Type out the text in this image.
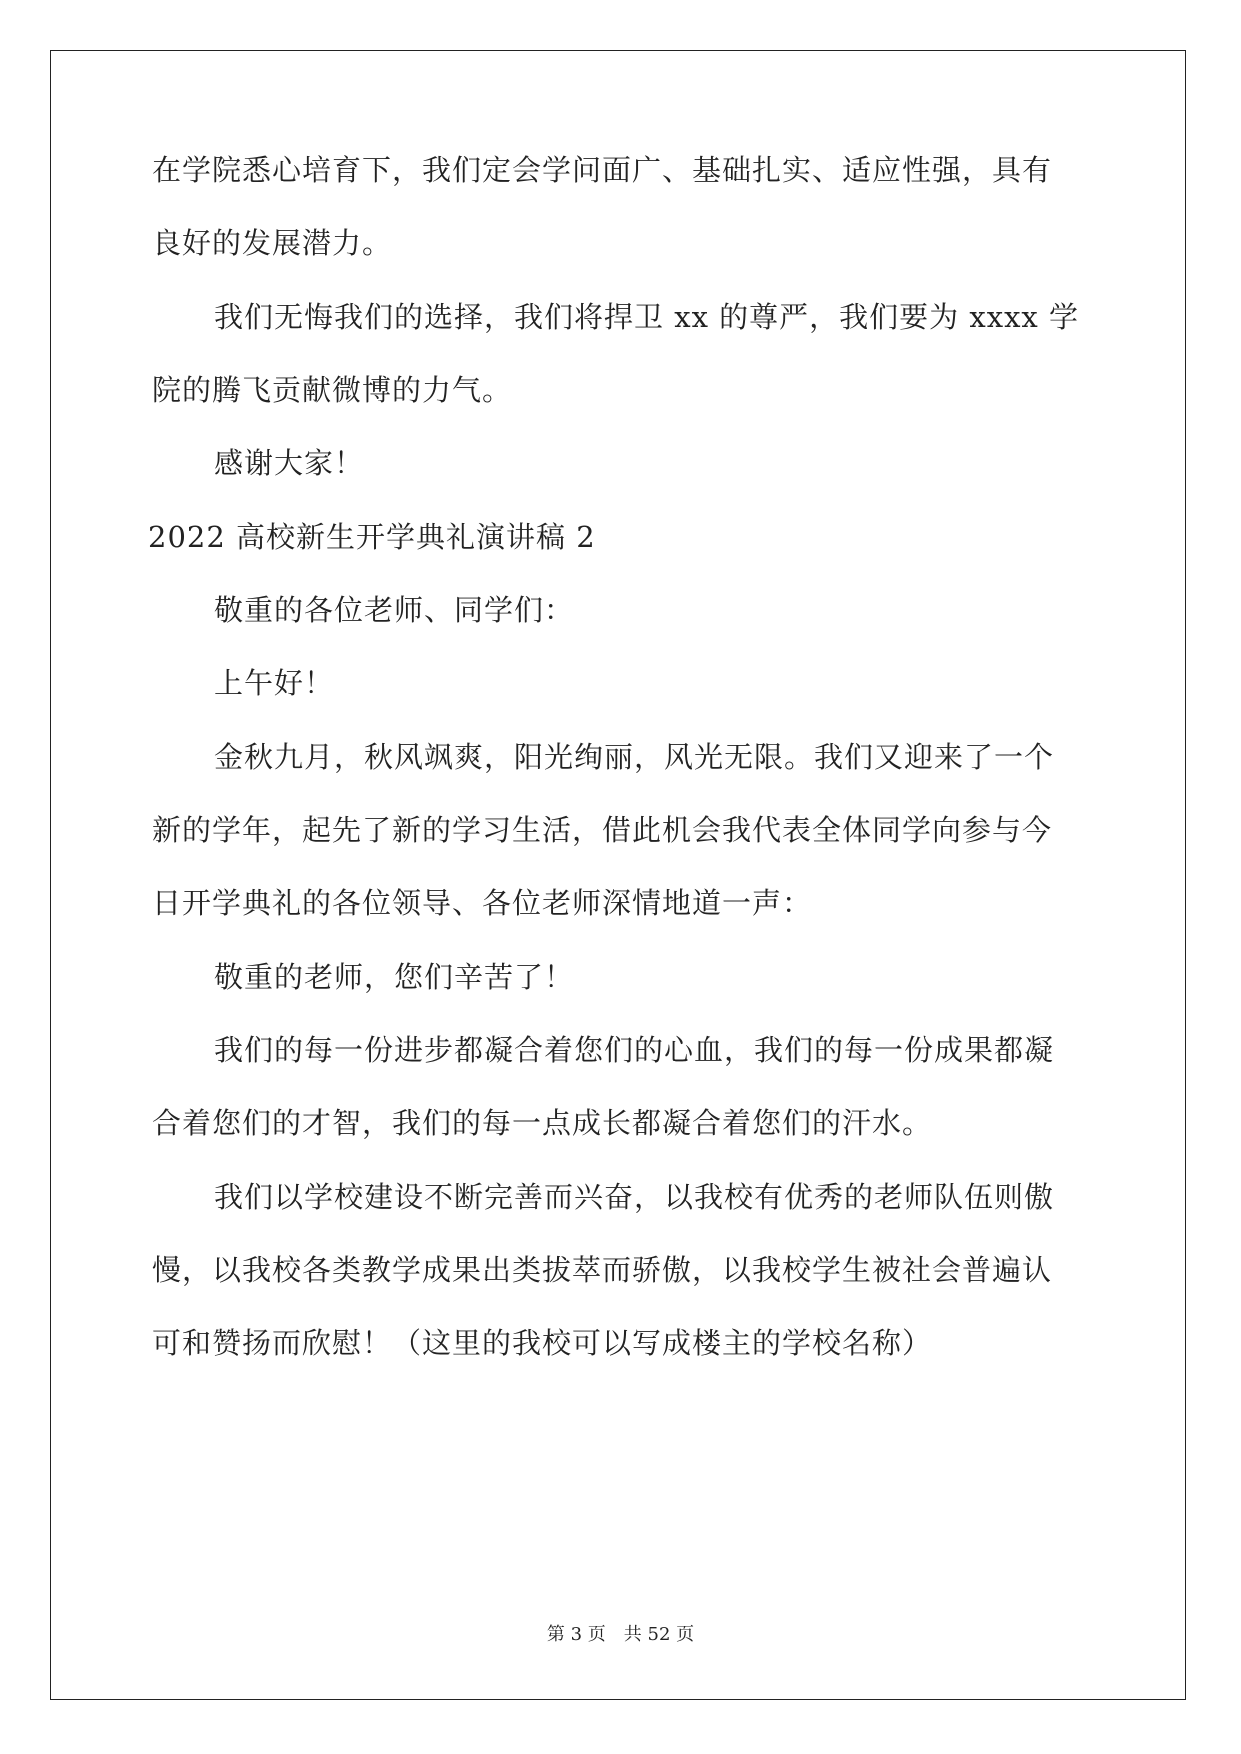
在学院悉心培育下，我们定会学问面广、基础扎实、适应性强，具有
良好的发展潜力。
我们无悔我们的选择，我们将捍卫 xx 的尊严，我们要为 xxxx 学
院的腾飞贡献微博的力气。
感谢大家！
2022 高校新生开学典礼演讲稿 2
敬重的各位老师、同学们：
上午好！
金秋九月，秋风飒爽，阳光绚丽，风光无限。我们又迎来了一个
新的学年，起先了新的学习生活，借此机会我代表全体同学向参与今
日开学典礼的各位领导、各位老师深情地道一声：
敬重的老师，您们辛苦了！
我们的每一份进步都凝合着您们的心血，我们的每一份成果都凝
合着您们的才智，我们的每一点成长都凝合着您们的汗水。
我们以学校建设不断完善而兴奋，以我校有优秀的老师队伍则傲
慢，以我校各类教学成果出类拔萃而骄傲，以我校学生被社会普遍认
可和赞扬而欣慰！（这里的我校可以写成楼主的学校名称）
第 3 页 共 52 页
